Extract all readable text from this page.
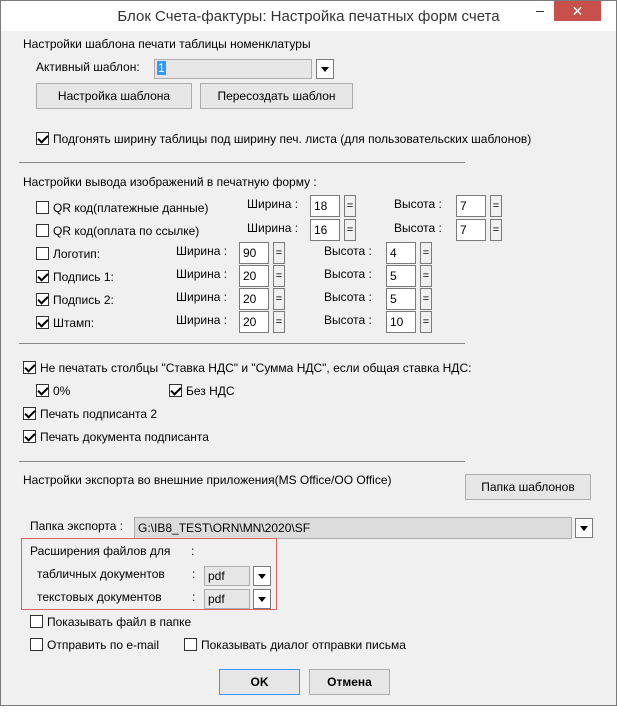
Блок Счета-фактуры: Настройка печатных форм счета	–	✕
Настройки шаблона печати таблицы номенклатуры
Активный шаблон: 1
Настройка шаблона	Пересоздать шаблон
Подгонять ширину таблицы под ширину печ. листа (для пользовательских шаблонов)
Настройки вывода изображений в печатную форму :
QR код(платежные данные)	Ширина :	18	=	Высота :	7	=
QR код(оплата по ссылке)	Ширина :	16	=	Высота :	7	=
Логотип:	Ширина :	90	=	Высота :	4	=
Подпись 1:	Ширина :	20	=	Высота :	5	=
Подпись 2:	Ширина :	20	=	Высота :	5	=
Штамп:	Ширина :	20	=	Высота :	10	=
Не печатать столбцы "Ставка НДС" и "Сумма НДС", если общая ставка НДС:
0%	Без НДС
Печать подписанта 2
Печать документа подписанта
Настройки экспорта во внешние приложения(MS Office/OO Office)	Папка шаблонов
Папка экспорта :	G:\IB8_TEST\ORN\MN\2020\SF
Расширения файлов для :
табличных документов :	pdf
текстовых документов	:	pdf
Показывать файл в папке
Отправить по e-mail	Показывать диалог отправки письма
OK	Отмена
